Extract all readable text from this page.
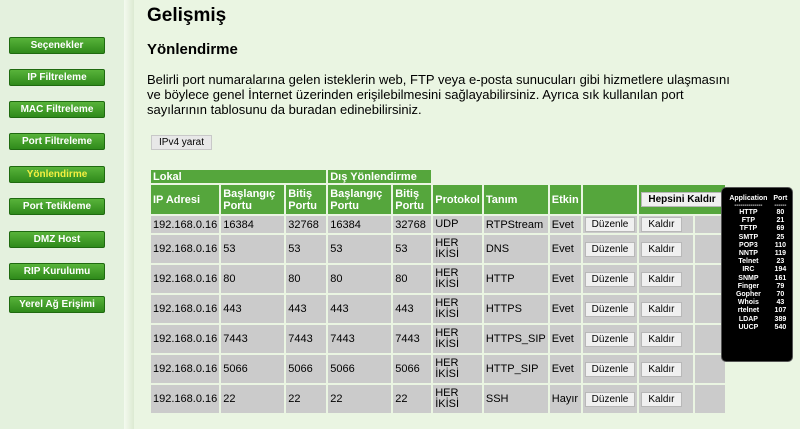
Seçenekler
IP Filtreleme
MAC Filtreleme
Port Filtreleme
Yönlendirme
Port Tetikleme
DMZ Host
RIP Kurulumu
Yerel Ağ Erişimi
Gelişmiş
Yönlendirme
Belirli port numaralarına gelen isteklerin web, FTP veya e-posta sunucuları gibi hizmetlere ulaşmasını ve böylece genel İnternet üzerinden erişilebilmesini sağlayabilirsiniz. Ayrıca sık kullanılan port sayılarının tablosunu da buradan edinebilirsiniz.
IPv4 yarat
Lokal			Dış Yönlendirme							
IP Adresi	Başlangıç Portu	Bitiş Portu	Başlangıç Portu	Bitiş Portu	Protokol	Tanım	Etkin		Hepsini Kaldır	
192.168.0.16	16384	32768	16384	32768	UDP	RTPStream	Evet	Düzenle	Kaldır	
192.168.0.16	53	53	53	53	HER
İKİSİ	DNS	Evet	Düzenle	Kaldır	
192.168.0.16	80	80	80	80	HER
İKİSİ	HTTP	Evet	Düzenle	Kaldır	
192.168.0.16	443	443	443	443	HER
İKİSİ	HTTPS	Evet	Düzenle	Kaldır	
192.168.0.16	7443	7443	7443	7443	HER
İKİSİ	HTTPS_SIP	Evet	Düzenle	Kaldır	
192.168.0.16	5066	5066	5066	5066	HER
İKİSİ	HTTP_SIP	Evet	Düzenle	Kaldır	
192.168.0.16	22	22	22	22	HER
İKİSİ	SSH	Hayır	Düzenle	Kaldır	
Application	Port
--------------	------
HTTP	80
FTP	21
TFTP	69
SMTP	25
POP3	110
NNTP	119
Telnet	23
IRC	194
SNMP	161
Finger	79
Gopher	70
Whois	43
rtelnet	107
LDAP	389
UUCP	540
